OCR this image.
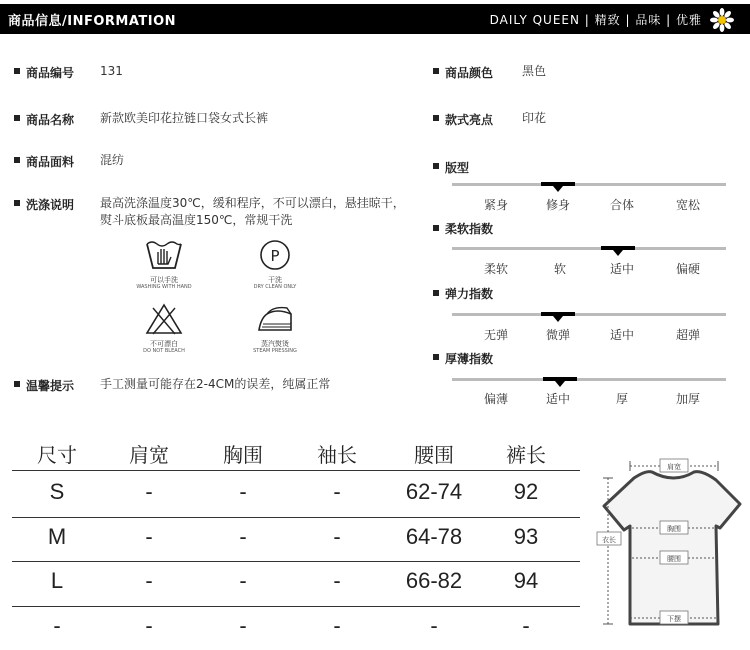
商品信息/INFORMATION	DAILY QUEEN | 精致 | 品味 | 优雅
商品编号 131
商品名称 新款欧美印花拉链口袋女式长裤
商品面料 混纺
洗涤说明 最高洗涤温度30℃，缓和程序，不可以漂白，悬挂晾干，
熨斗底板最高温度150℃，常规干洗
可以手洗
WASHING WITH HAND
P
干洗
DRY CLEAN ONLY
不可漂白
DO NOT BLEACH
蒸汽熨烫
STEAM PRESSING
温馨提示 手工测量可能存在2-4CM的误差，纯属正常
商品颜色 黑色
款式亮点 印花
版型
紧身	修身	合体	宽松
柔软指数
柔软	软	适中	偏硬
弹力指数
无弹	微弹	适中	超弹
厚薄指数
偏薄	适中	厚	加厚
尺寸	肩宽	胸围	袖长	腰围	裤长
S	-	-	-	62-74	92
M	-	-	-	64-78	93
L	-	-	-	66-82	94
-	-	-	-	-	-
肩宽
胸围
腰围
衣长
下摆
